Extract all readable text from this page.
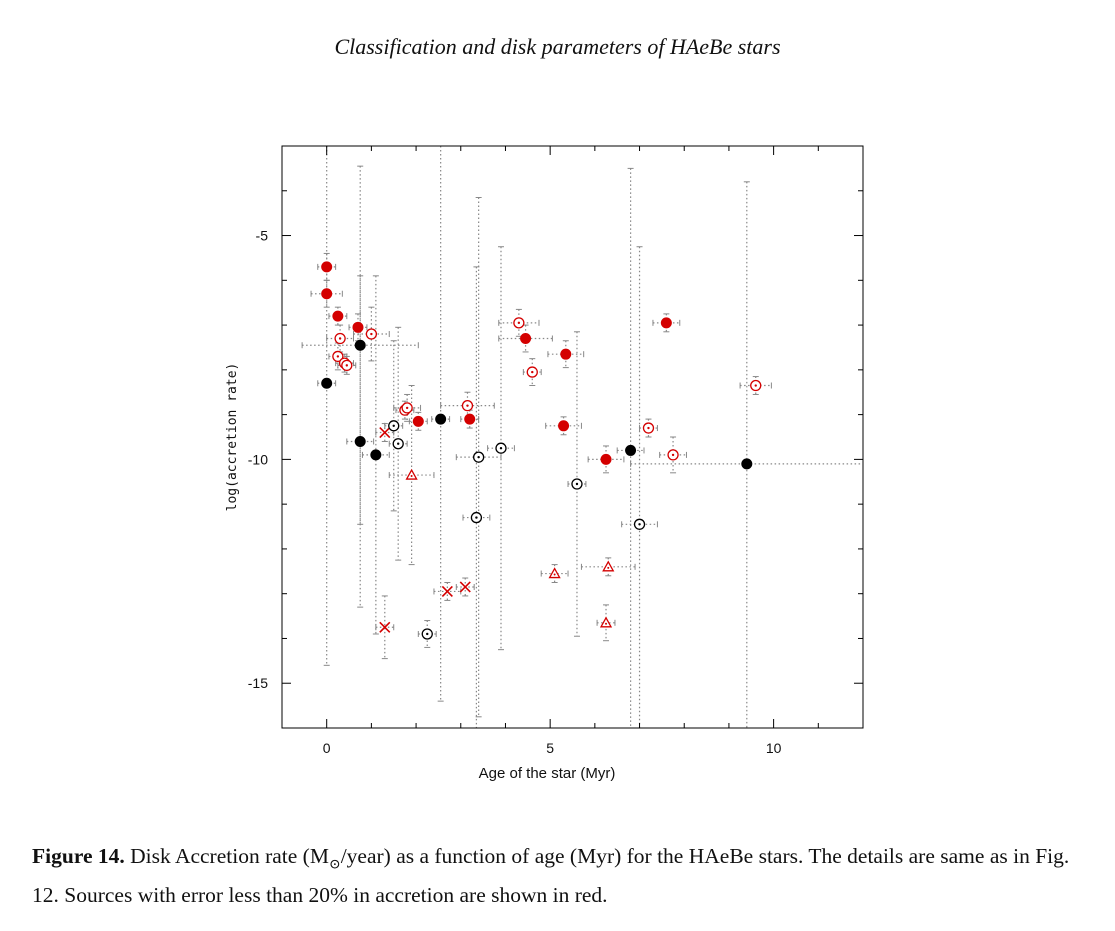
Classification and disk parameters of HAeBe stars
0	5	10
-5
-10
-15
Age of the star (Myr)
log(accretion rate)
Figure 14. Disk Accretion rate $(M_⊙/year)$ as a function of age (Myr) for the HAeBe stars. The details are same as in Fig. 12. Sources with error less than 20% in accretion are shown in red.
